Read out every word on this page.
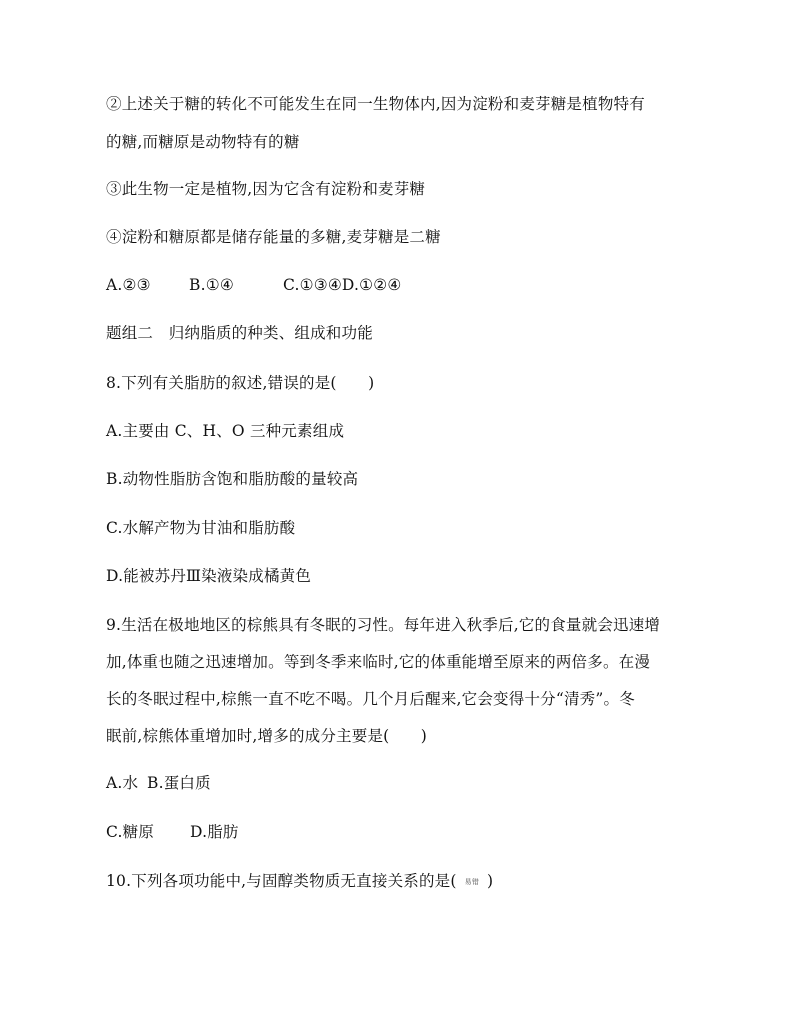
②上述关于糖的转化不可能发生在同一生物体内,因为淀粉和麦芽糖是植物特有
的糖,而糖原是动物特有的糖
③此生物一定是植物,因为它含有淀粉和麦芽糖
④淀粉和糖原都是储存能量的多糖,麦芽糖是二糖
A.②③ B.①④	C.①③④D.①②④
题组二　归纳脂质的种类、组成和功能
8.下列有关脂肪的叙述,错误的是(　　)
A.主要由 C、H、O 三种元素组成
B.动物性脂肪含饱和脂肪酸的量较高
C.水解产物为甘油和脂肪酸
D.能被苏丹Ⅲ染液染成橘黄色
9.生活在极地地区的棕熊具有冬眠的习性。每年进入秋季后,它的食量就会迅速增
加,体重也随之迅速增加。等到冬季来临时,它的体重能增至原来的两倍多。在漫
长的冬眠过程中,棕熊一直不吃不喝。几个月后醒来,它会变得十分“清秀”。冬
眠前,棕熊体重增加时,增多的成分主要是(　　)
A.水 B.蛋白质
C.糖原 D.脂肪
10.下列各项功能中,与固醇类物质无直接关系的是( 易错 )
